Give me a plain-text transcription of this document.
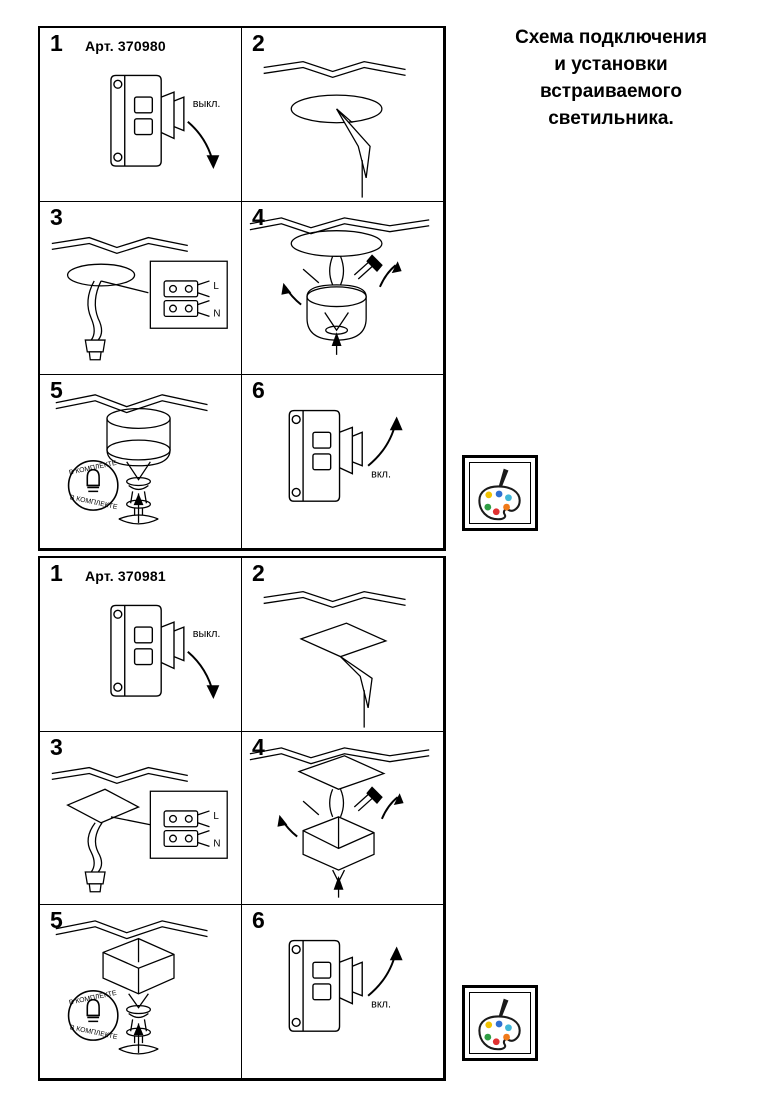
Схема подключения
и установки
встраиваемого
светильника.
1 Арт. 370980
выкл.
2
3
L
N
4
5
В КОМПЛЕКТЕ
В КОМПЛЕКТЕ
6
вкл.
1 Арт. 370981
выкл.
2
3
L
N
4
5
В КОМПЛЕКТЕ
В КОМПЛЕКТЕ
6
вкл.
